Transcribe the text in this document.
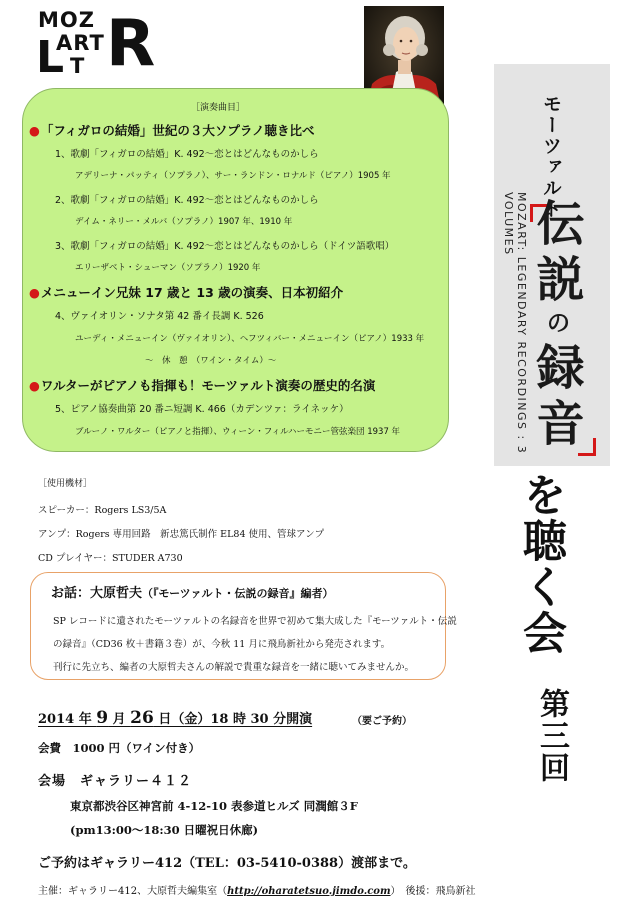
MOZ
ART
L T R
［演奏曲目］
●「フィガロの結婚」世紀の３大ソプラノ聴き比べ
1、歌劇「フィガロの結婚」K. 492〜恋とはどんなものかしら
アデリーナ・パッティ（ソプラノ）、サー・ランドン・ロナルド（ピアノ）1905 年
2、歌劇「フィガロの結婚」K. 492〜恋とはどんなものかしら
デイム・ネリー・メルバ（ソプラノ）1907 年、1910 年
3、歌劇「フィガロの結婚」K. 492〜恋とはどんなものかしら（ドイツ語歌唱）
エリーザベト・シューマン（ソプラノ）1920 年
●メニューイン兄妹 17 歳と 13 歳の演奏、日本初紹介
4、ヴァイオリン・ソナタ第 42 番イ長調 K. 526
ユーディ・メニューイン（ヴァイオリン）、ヘフツィバー・メニューイン（ピアノ）1933 年
〜　休　憩　（ワイン・タイム）〜
●ワルターがピアノも指揮も！モーツァルト演奏の歴史的名演
5、ピアノ協奏曲第 20 番ニ短調 K. 466（カデンツァ：ライネッケ）
ブルーノ・ワルター（ピアノと指揮）、ウィーン・フィルハーモニー管弦楽団 1937 年
モーツァルト
MOZART: LEGENDARY RECORDINGS : 3 VOLUMES 伝説の録音
を聴く会
第三回
［使用機材］
スピーカー：Rogers LS3/5A
アンプ：Rogers 専用回路　新忠篤氏制作 EL84 使用、管球アンプ
CD プレイヤー：STUDER A730
お話：大原哲夫（『モーツァルト・伝説の録音』編者）
SP レコードに遺されたモーツァルトの名録音を世界で初めて集大成した『モーツァルト・伝説
の録音』（CD36 枚＋書籍３巻）が、今秋 11 月に飛鳥新社から発売されます。
刊行に先立ち、編者の大原哲夫さんの解説で貴重な録音を一緒に聴いてみませんか。
2014 年 9 月 26 日（金）18 時 30 分開演	（要ご予約）
会費　1000 円（ワイン付き）
会場　ギャラリー４１２
東京都渋谷区神宮前 4-12-10 表参道ヒルズ 同潤館３F
(pm13:00〜18:30 日曜祝日休廊)
ご予約はギャラリー412（TEL：03-5410-0388）渡部まで。
主催：ギャラリー412、大原哲夫編集室（http://oharatetsuo.jimdo.com）　後援：飛鳥新社
